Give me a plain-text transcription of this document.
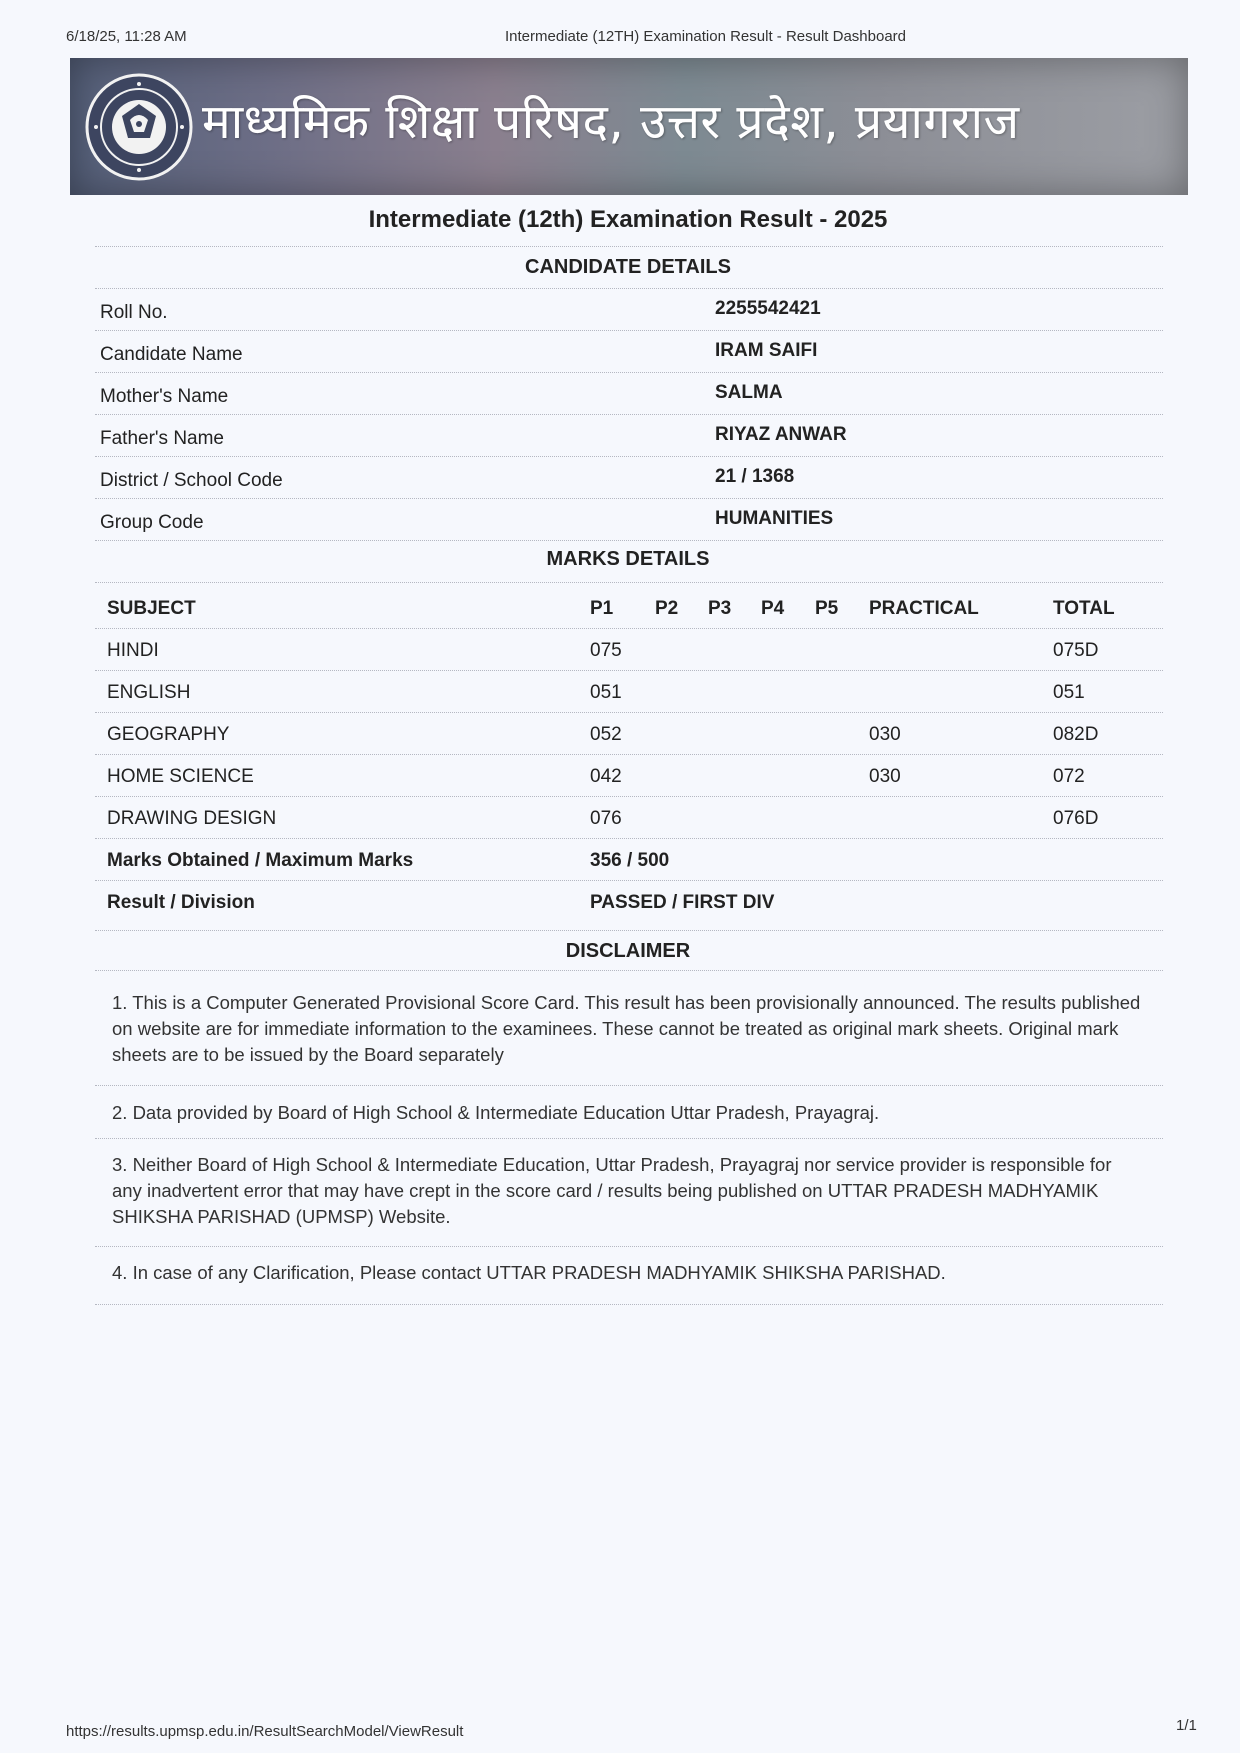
6/18/25, 11:28 AM	Intermediate (12TH) Examination Result - Result Dashboard
माध्यमिक शिक्षा परिषद, उत्तर प्रदेश, प्रयागराज
Intermediate (12th) Examination Result - 2025
CANDIDATE DETAILS
Roll No.	2255542421
Candidate Name	IRAM SAIFI
Mother's Name	SALMA
Father's Name	RIYAZ ANWAR
District / School Code	21 / 1368
Group Code	HUMANITIES
MARKS DETAILS
SUBJECT	P1 P2 P3 P4 P5 PRACTICAL	TOTAL
HINDI	075	075D
ENGLISH	051	051
GEOGRAPHY	052	030	082D
HOME SCIENCE	042	030	072
DRAWING DESIGN	076	076D
Marks Obtained / Maximum Marks	356 / 500
Result / Division	PASSED / FIRST DIV
DISCLAIMER
1. This is a Computer Generated Provisional Score Card. This result has been provisionally announced. The results published on website are for immediate information to the examinees. These cannot be treated as original mark sheets. Original mark sheets are to be issued by the Board separately
2. Data provided by Board of High School & Intermediate Education Uttar Pradesh, Prayagraj.
3. Neither Board of High School & Intermediate Education, Uttar Pradesh, Prayagraj nor service provider is responsible for any inadvertent error that may have crept in the score card / results being published on UTTAR PRADESH MADHYAMIK SHIKSHA PARISHAD (UPMSP) Website.
4. In case of any Clarification, Please contact UTTAR PRADESH MADHYAMIK SHIKSHA PARISHAD.
https://results.upmsp.edu.in/ResultSearchModel/ViewResult	1/1
